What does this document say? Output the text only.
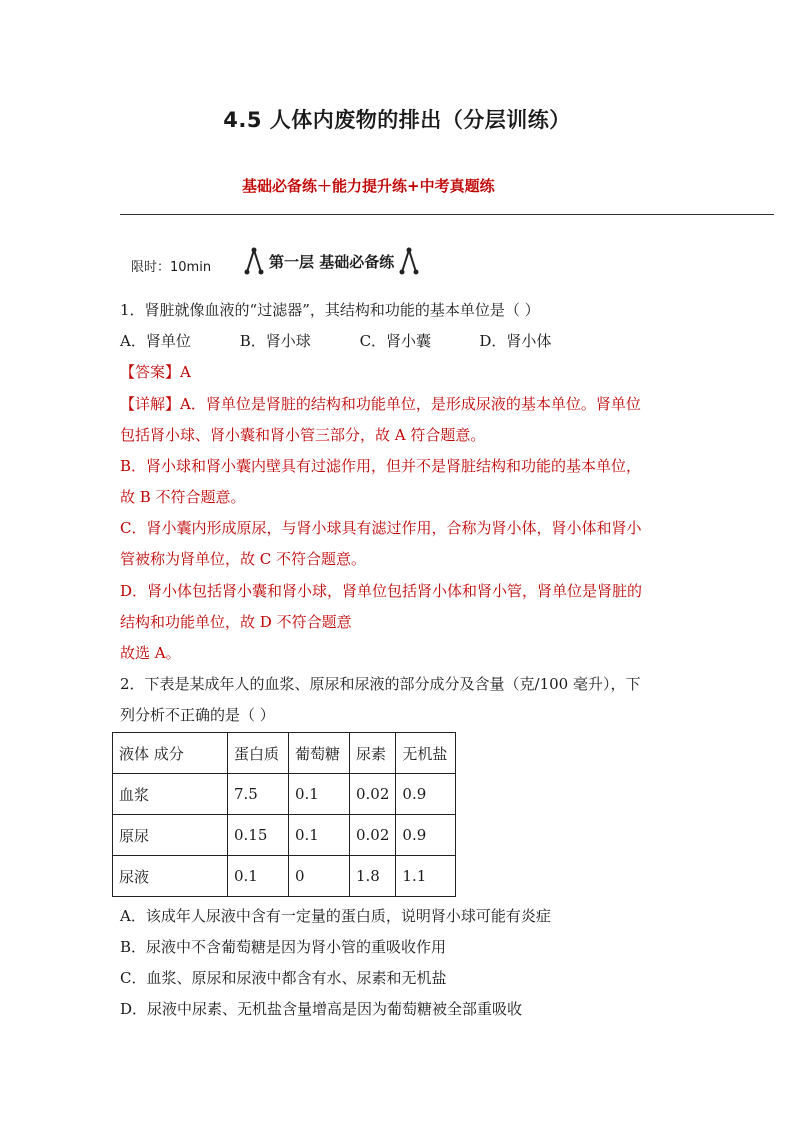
4.5 人体内废物的排出（分层训练）
基础必备练＋能力提升练+中考真题练
限时：10min	第一层 基础必备练
1．肾脏就像血液的“过滤器”，其结构和功能的基本单位是（ ）
A．肾单位	B．肾小球	C．肾小囊	D．肾小体
【答案】A
【详解】A．肾单位是肾脏的结构和功能单位，是形成尿液的基本单位。肾单位
包括肾小球、肾小囊和肾小管三部分，故 A 符合题意。
B．肾小球和肾小囊内壁具有过滤作用，但并不是肾脏结构和功能的基本单位，
故 B 不符合题意。
C．肾小囊内形成原尿，与肾小球具有滤过作用，合称为肾小体，肾小体和肾小
管被称为肾单位，故 C 不符合题意。
D．肾小体包括肾小囊和肾小球，肾单位包括肾小体和肾小管，肾单位是肾脏的
结构和功能单位，故 D 不符合题意
故选 A。
2．下表是某成年人的血浆、原尿和尿液的部分成分及含量（克/100 毫升），下
列分析不正确的是（ ）
液体 成分	蛋白质	葡萄糖	尿素	无机盐
血浆	7.5	0.1	0.02	0.9
原尿	0.15	0.1	0.02	0.9
尿液	0.1	0	1.8	1.1
A．该成年人尿液中含有一定量的蛋白质，说明肾小球可能有炎症
B．尿液中不含葡萄糖是因为肾小管的重吸收作用
C．血浆、原尿和尿液中都含有水、尿素和无机盐
D．尿液中尿素、无机盐含量增高是因为葡萄糖被全部重吸收
